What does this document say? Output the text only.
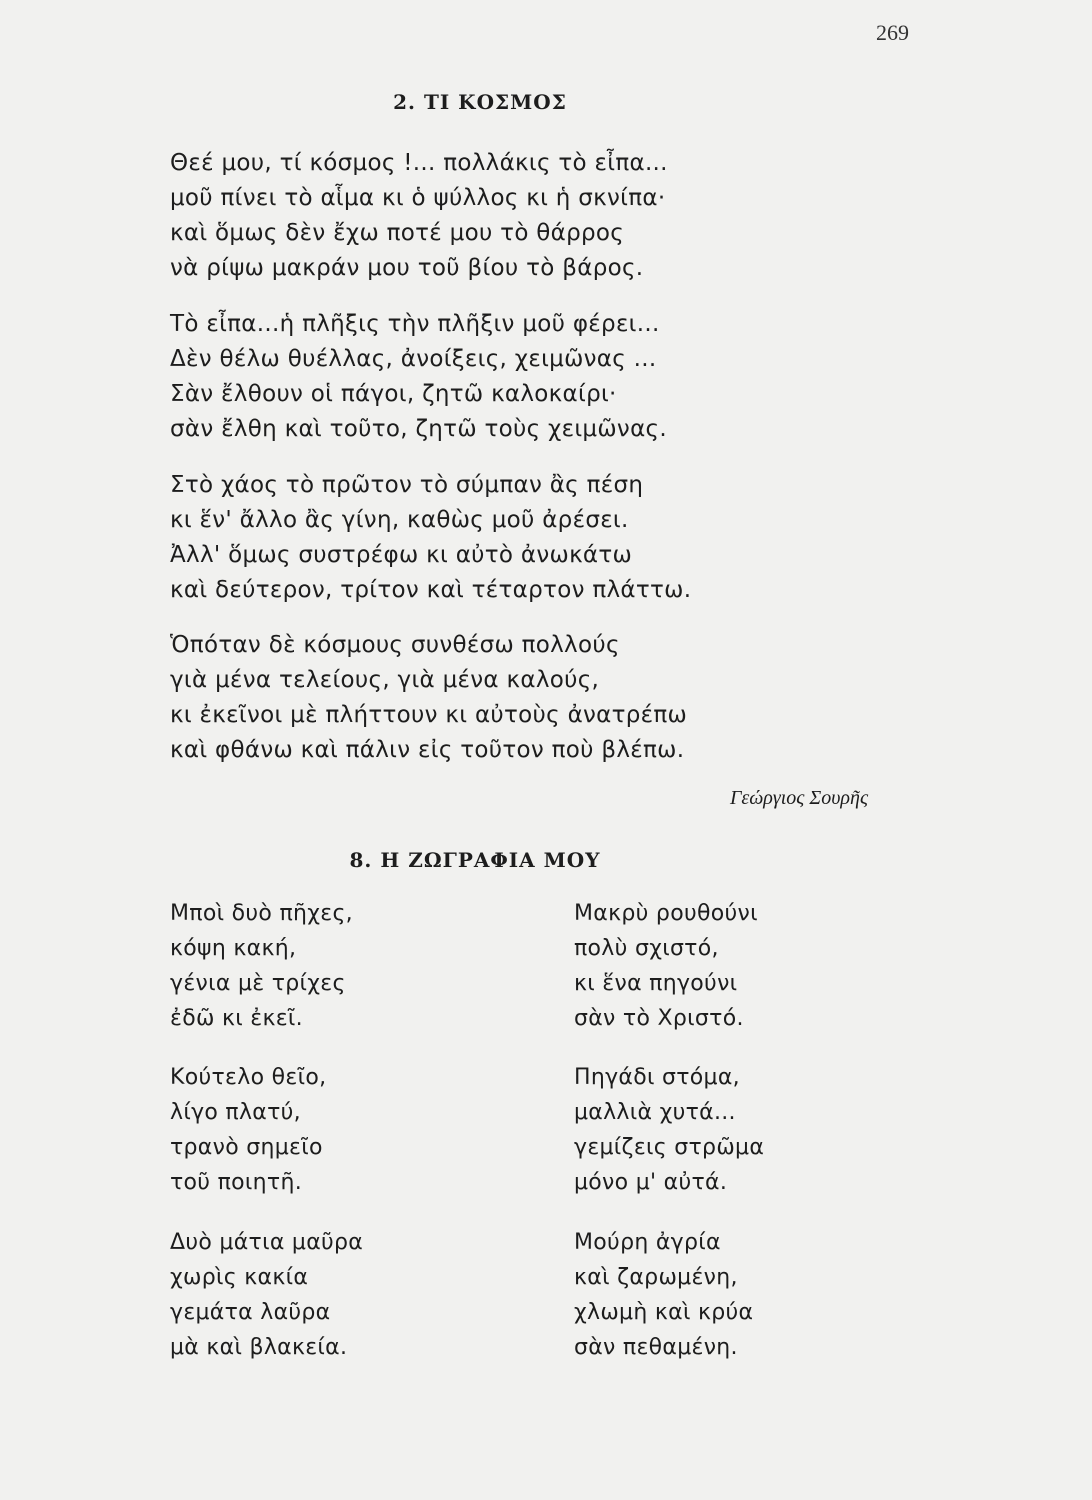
269
2. ΤΙ ΚΟΣΜΟΣ
Θεέ μου, τί κόσμος !... πολλάκις τὸ εἶπα...
μοῦ πίνει τὸ αἷμα κι ὁ ψύλλος κι ἡ σκνίπα·
καὶ ὅμως δὲν ἔχω ποτέ μου τὸ θάρρος
νὰ ρίψω μακράν μου τοῦ βίου τὸ βάρος.
Τὸ εἶπα...ἡ πλῆξις τὴν πλῆξιν μοῦ φέρει...
Δὲν θέλω θυέλλας, ἀνοίξεις, χειμῶνας ...
Σὰν ἔλθουν οἱ πάγοι, ζητῶ καλοκαίρι·
σὰν ἔλθη καὶ τοῦτο, ζητῶ τοὺς χειμῶνας.
Στὸ χάος τὸ πρῶτον τὸ σύμπαν ἂς πέση
κι ἕν' ἄλλο ἂς γίνη, καθὼς μοῦ ἀρέσει.
Ἀλλ' ὅμως συστρέφω κι αὐτὸ ἀνωκάτω
καὶ δεύτερον, τρίτον καὶ τέταρτον πλάττω.
Ὁπόταν δὲ κόσμους συνθέσω πολλούς
γιὰ μένα τελείους, γιὰ μένα καλούς,
κι ἐκεῖνοι μὲ πλήττουν κι αὐτοὺς ἀνατρέπω
καὶ φθάνω καὶ πάλιν εἰς τοῦτον ποὺ βλέπω.
Γεώργιος Σουρῆς
8. Η ΖΩΓΡΑΦΙΑ ΜΟΥ
Μποὶ δυὸ πῆχες,
κόψη κακή,
γένια μὲ τρίχες
ἐδῶ κι ἐκεῖ.
Κούτελο θεῖο,
λίγο πλατύ,
τρανὸ σημεῖο
τοῦ ποιητῆ.
Δυὸ μάτια μαῦρα
χωρὶς κακία
γεμάτα λαῦρα
μὰ καὶ βλακεία.
Μακρὺ ρουθούνι
πολὺ σχιστό,
κι ἕνα πηγούνι
σὰν τὸ Χριστό.
Πηγάδι στόμα,
μαλλιὰ χυτά...
γεμίζεις στρῶμα
μόνο μ' αὐτά.
Μούρη ἀγρία
καὶ ζαρωμένη,
χλωμὴ καὶ κρύα
σὰν πεθαμένη.
